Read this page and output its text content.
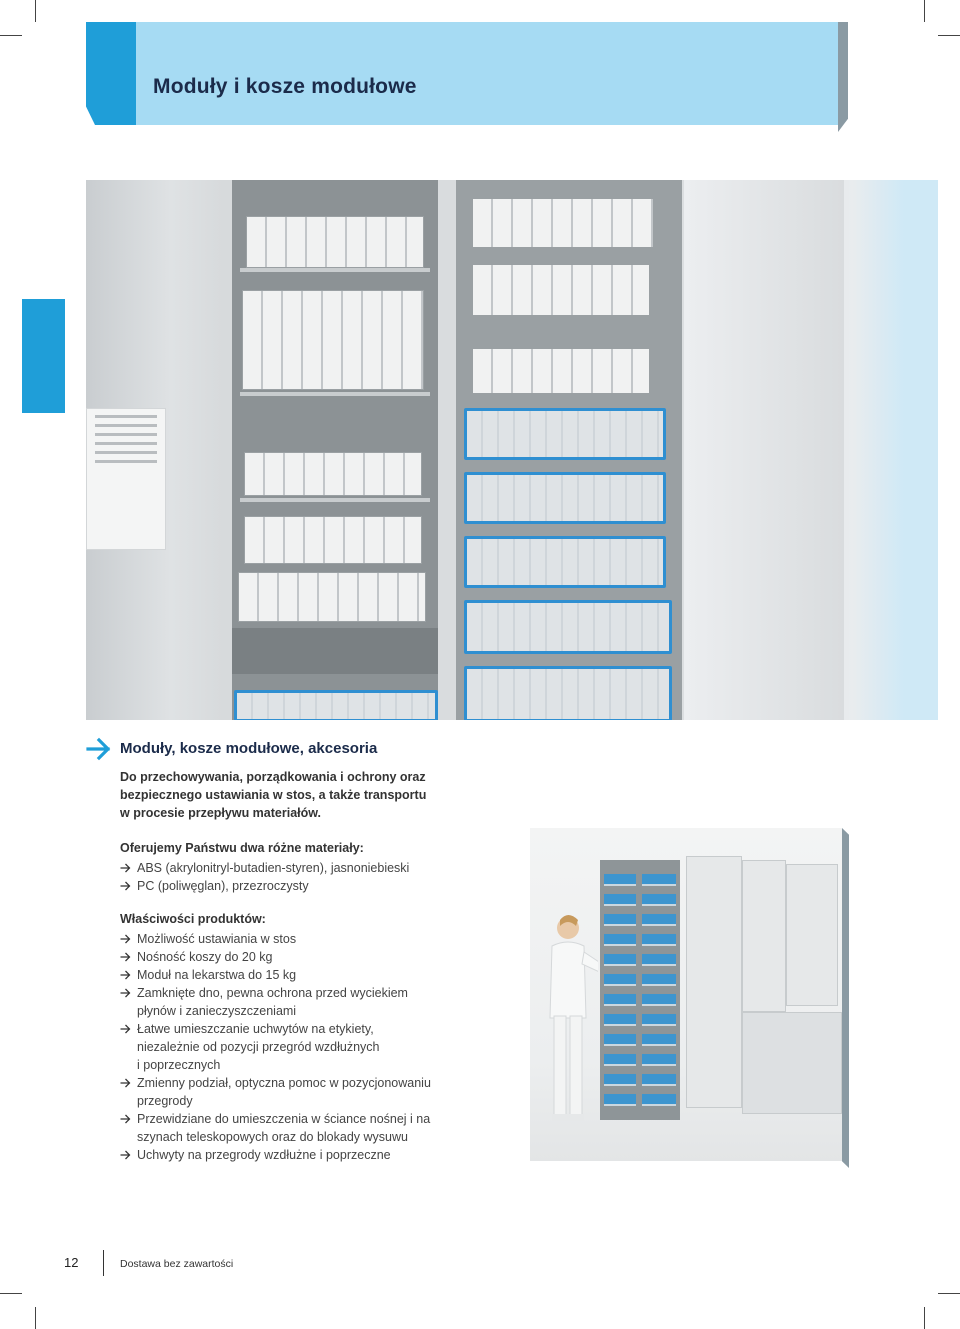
Moduły i kosze modułowe
Moduły, kosze modułowe, akcesoria
Do przechowywania, porządkowania i ochrony oraz
bezpiecznego ustawiania w stos, a także transportu
w procesie przepływu materiałów.
Oferujemy Państwu dwa różne materiały:
ABS (akrylonitryl-butadien-styren), jasnoniebieski
PC (poliwęglan), przezroczysty
Właściwości produktów:
Możliwość ustawiania w stos
Nośność koszy do 20 kg
Moduł na lekarstwa do 15 kg
Zamknięte dno, pewna ochrona przed wyciekiem
płynów i zanieczyszczeniami
Łatwe umieszczanie uchwytów na etykiety,
niezależnie od pozycji przegród wzdłużnych
i poprzecznych
Zmienny podział, optyczna pomoc w pozycjonowaniu
przegrody
Przewidziane do umieszczenia w ściance nośnej i na
szynach teleskopowych oraz do blokady wysuwu
Uchwyty na przegrody wzdłużne i poprzeczne
12	Dostawa bez zawartości
